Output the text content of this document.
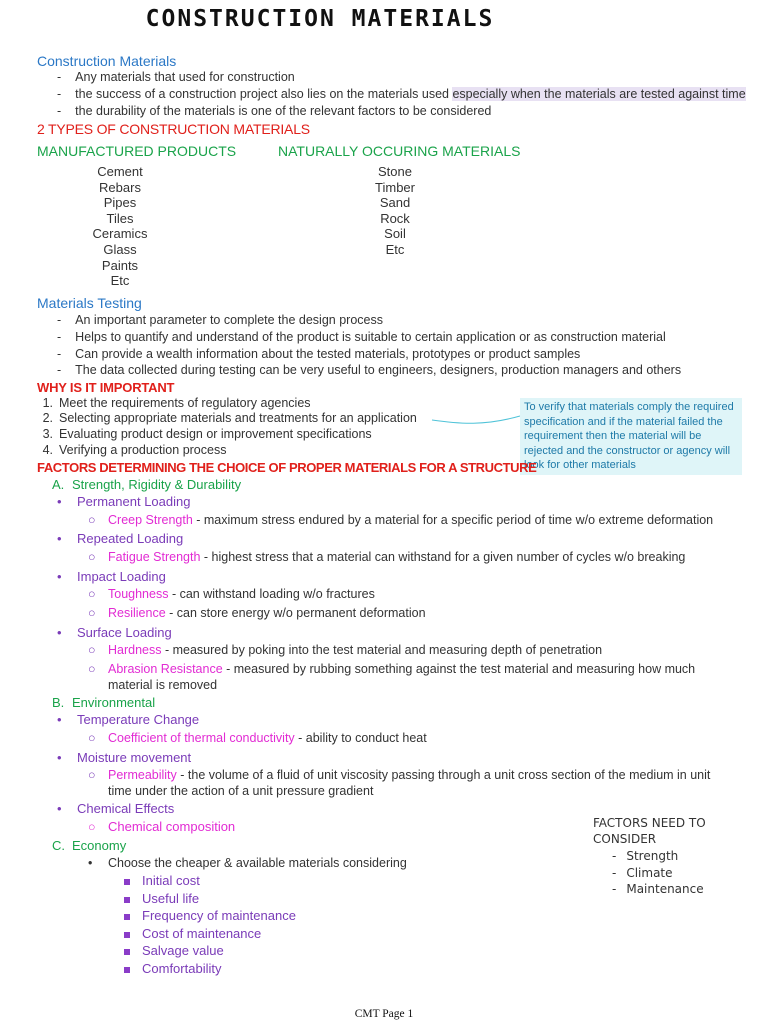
CONSTRUCTION MATERIALS
Construction Materials
- Any materials that used for construction
- the success of a construction project also lies on the materials used especially when the materials are tested against time
- the durability of the materials is one of the relevant factors to be considered
2 TYPES OF CONSTRUCTION MATERIALS
MANUFACTURED PRODUCTS	NATURALLY OCCURING MATERIALS
Cement
Rebars
Pipes
Tiles
Ceramics
Glass
Paints
Etc
Stone
Timber
Sand
Rock
Soil
Etc
Materials Testing
- An important parameter to complete the design process
- Helps to quantify and understand of the product is suitable to certain application or as construction material
- Can provide a wealth information about the tested materials, prototypes or product samples
- The data collected during testing can be very useful to engineers, designers, production managers and others
WHY IS IT IMPORTANT
1. Meet the requirements of regulatory agencies
2. Selecting appropriate materials and treatments for an application
3. Evaluating product design or improvement specifications
4. Verifying a production process
To verify that materials comply the required specification and if the material failed the requirement then the material will be rejected and the constructor or agency will look for other materials
FACTORS DETERMINING THE CHOICE OF PROPER MATERIALS FOR A STRUCTURE
A. Strength, Rigidity & Durability
• Permanent Loading
○ Creep Strength - maximum stress endured by a material for a specific period of time w/o extreme deformation
• Repeated Loading
○ Fatigue Strength - highest stress that a material can withstand for a given number of cycles w/o breaking
• Impact Loading
○ Toughness - can withstand loading w/o fractures
○ Resilience - can store energy w/o permanent deformation
• Surface Loading
○ Hardness - measured by poking into the test material and measuring depth of penetration
○ Abrasion Resistance - measured by rubbing something against the test material and measuring how much
material is removed
B. Environmental
• Temperature Change
○ Coefficient of thermal conductivity - ability to conduct heat
• Moisture movement
○ Permeability - the volume of a fluid of unit viscosity passing through a unit cross section of the medium in unit
time under the action of a unit pressure gradient
• Chemical Effects
○ Chemical composition
C. Economy
• Choose the cheaper & available materials considering
Initial cost
Useful life
Frequency of maintenance
Cost of maintenance
Salvage value
Comfortability
FACTORS NEED TO
CONSIDER
- Strength
- Climate
- Maintenance
CMT Page 1
